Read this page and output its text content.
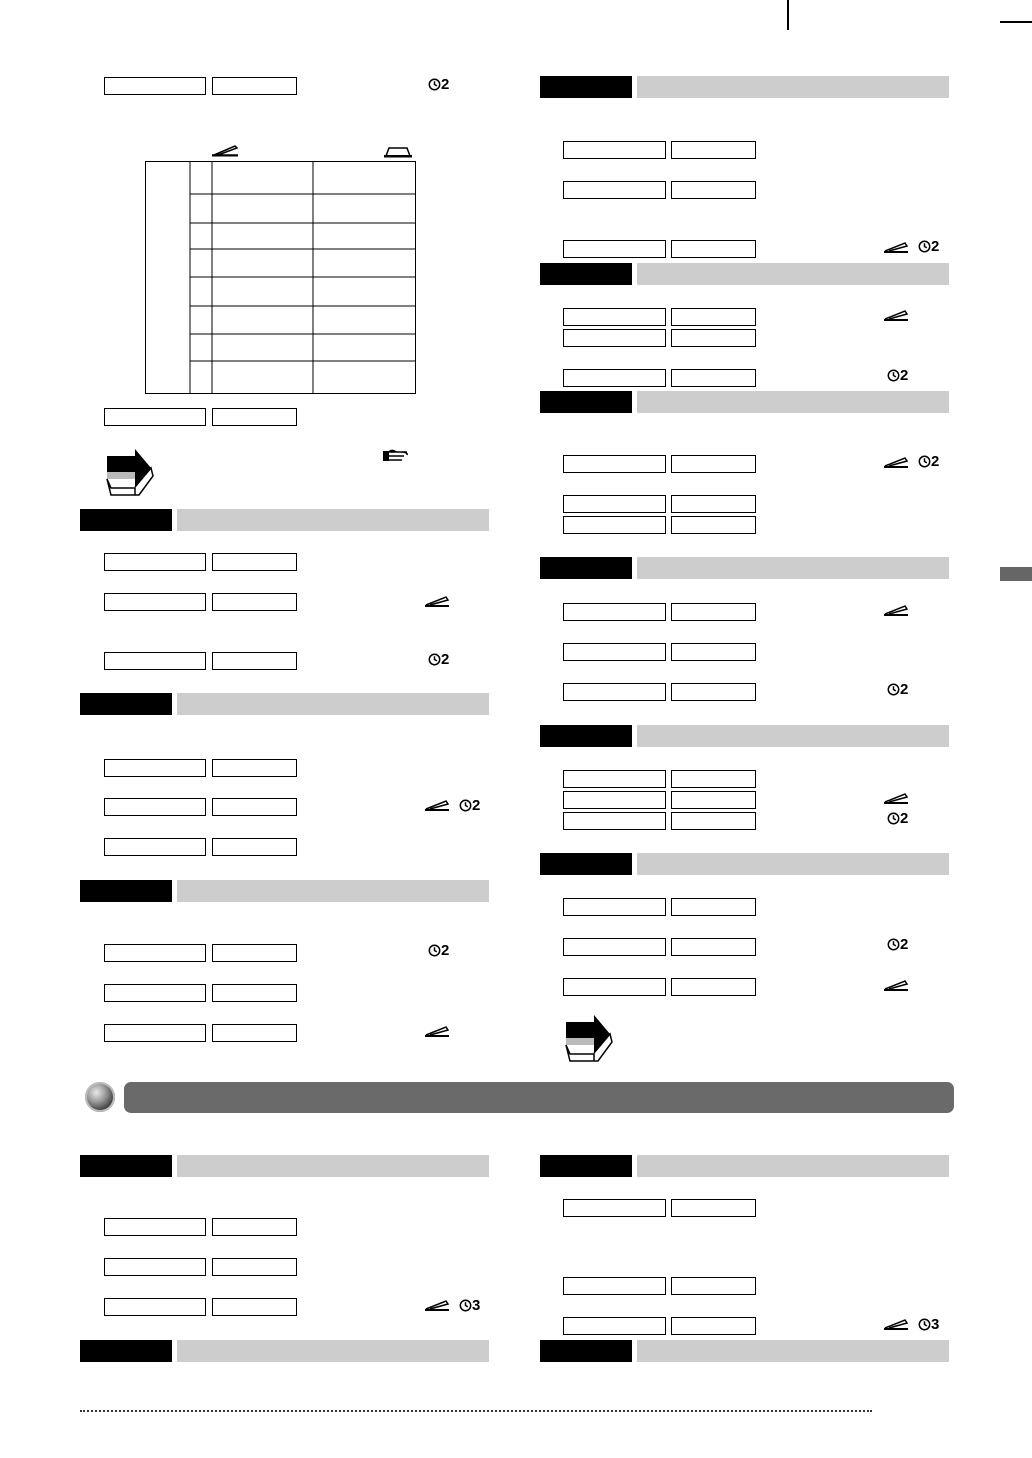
2
2
2
2
2
2
2
2
2
2
3
3
